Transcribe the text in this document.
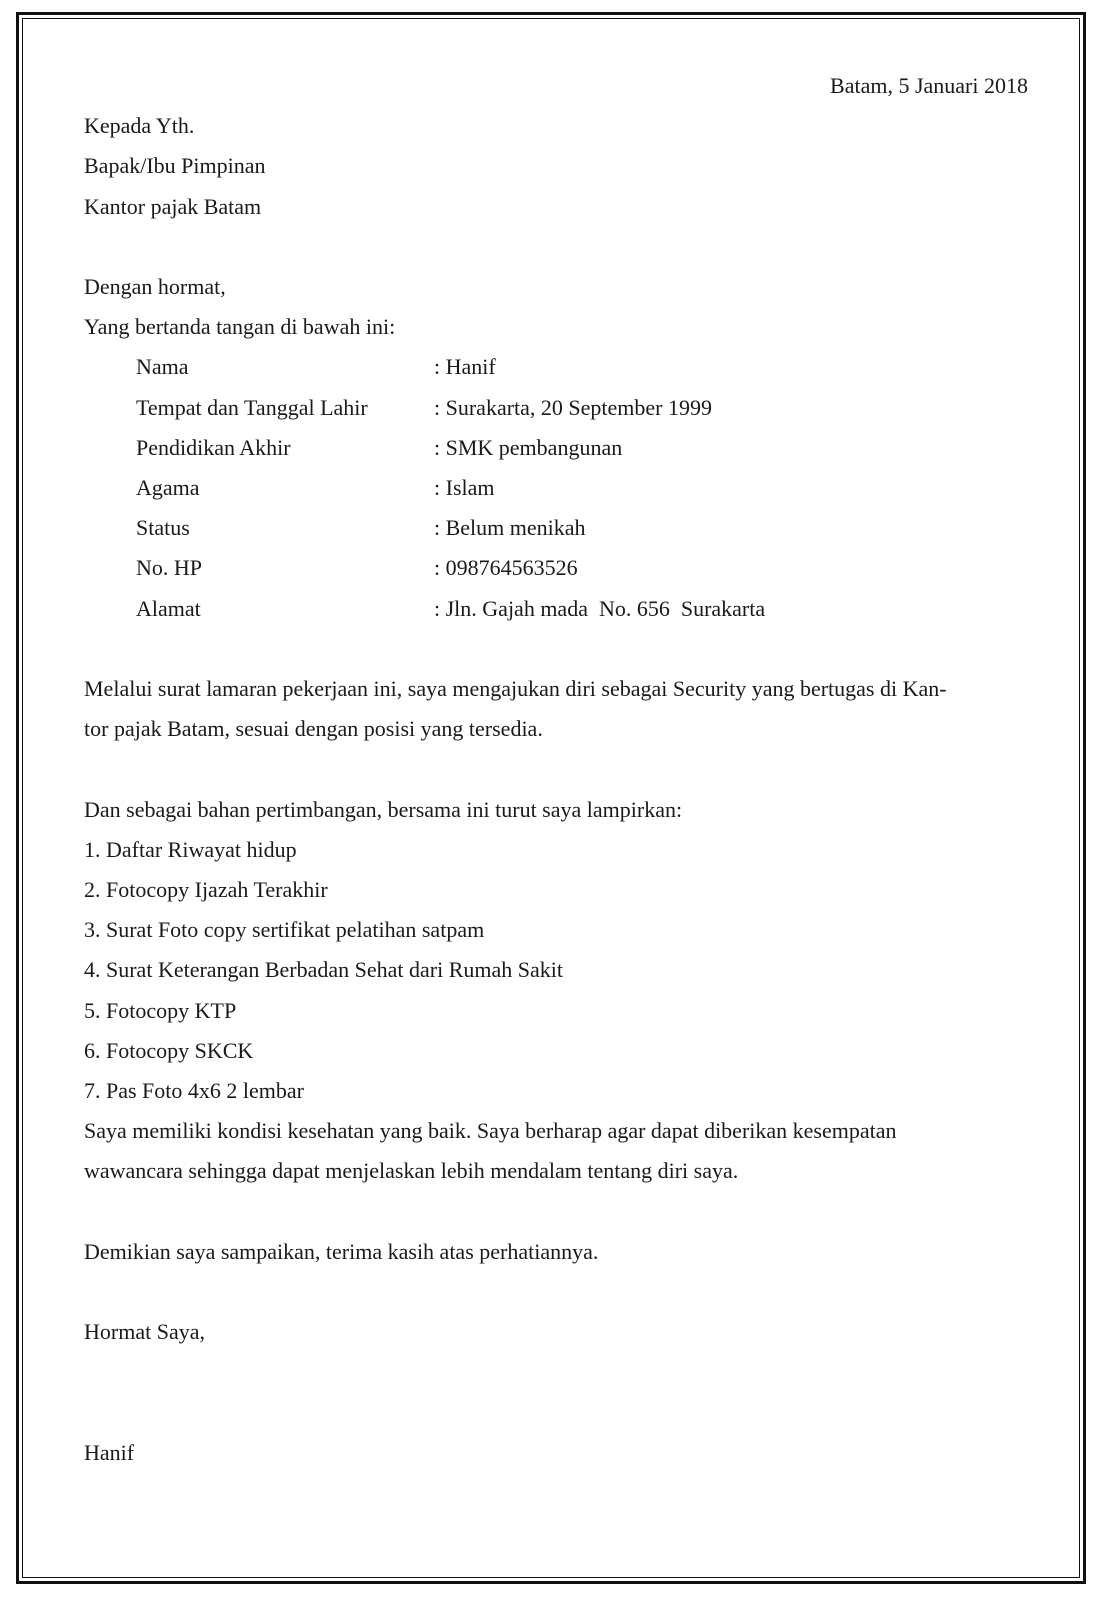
Batam, 5 Januari 2018
Kepada Yth.
Bapak/Ibu Pimpinan
Kantor pajak Batam
Dengan hormat,
Yang bertanda tangan di bawah ini:
Nama	: Hanif
Tempat dan Tanggal Lahir	: Surakarta, 20 September 1999
Pendidikan Akhir	: SMK pembangunan
Agama	: Islam
Status	: Belum menikah
No. HP	: 098764563526
Alamat	: Jln. Gajah mada  No. 656  Surakarta
Melalui surat lamaran pekerjaan ini, saya mengajukan diri sebagai Security yang bertugas di Kan-
tor pajak Batam, sesuai dengan posisi yang tersedia.
Dan sebagai bahan pertimbangan, bersama ini turut saya lampirkan:
1. Daftar Riwayat hidup
2. Fotocopy Ijazah Terakhir
3. Surat Foto copy sertifikat pelatihan satpam
4. Surat Keterangan Berbadan Sehat dari Rumah Sakit
5. Fotocopy KTP
6. Fotocopy SKCK
7. Pas Foto 4x6 2 lembar
Saya memiliki kondisi kesehatan yang baik. Saya berharap agar dapat diberikan kesempatan
wawancara sehingga dapat menjelaskan lebih mendalam tentang diri saya.
Demikian saya sampaikan, terima kasih atas perhatiannya.
Hormat Saya,
Hanif
